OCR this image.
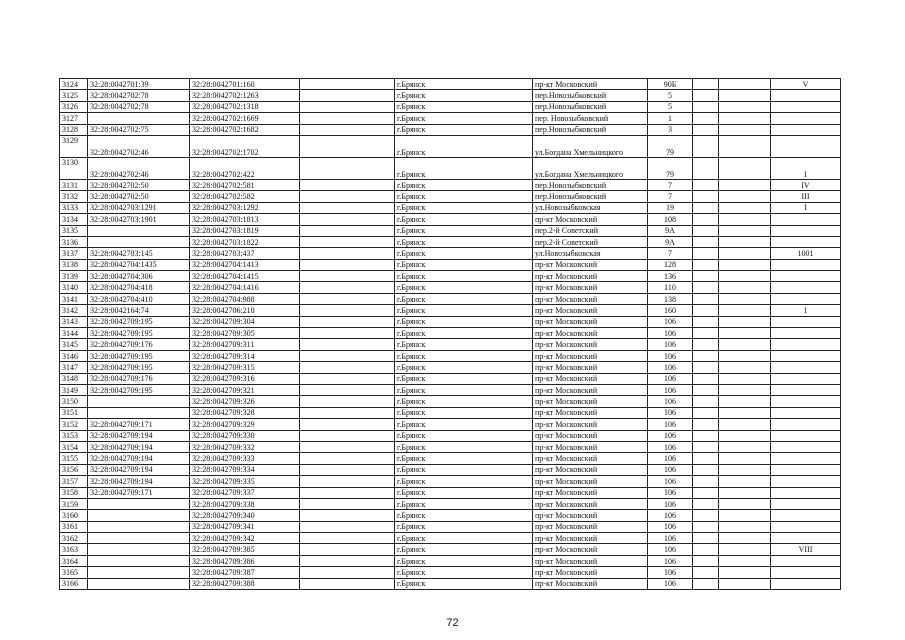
3124	32:28:0042701:39	32:28:0042701:160		г.Брянск	пр-кт Московский	90Б			V
3125	32:28:0042702:78	32:28:0042702:1263		г.Брянск	пер.Новозыбковский	5			
3126	32:28:0042702:78	32:28:0042702:1318		г.Брянск	пер.Новозыбковский	5			
3127		32:28:0042702:1669		г.Брянск	пер. Новозыбковский	1			
3128	32:28:0042702:75	32:28:0042702:1682		г.Брянск	пер.Новозыбковский	3			
3129	32:28:0042702:46	32:28:0042702:1702		г.Брянск	ул.Богдана Хмельницкого	79			
3130	32:28:0042702:46	32:28:0042702:422		г.Брянск	ул.Богдана Хмельницкого	79			I
3131	32:28:0042702:50	32:28:0042702:581		г.Брянск	пер.Новозыбковский	7			IV
3132	32:28:0042702:50	32:28:0042702:582		г.Брянск	пер.Новозыбковский	7			III
3133	32:28:0042703:1291	32:28:0042703:1292		г.Брянск	ул.Новозыбковская	19			I
3134	32:28:0042703:1901	32:28:0042703:1813		г.Брянск	пр-кт Московский	108			
3135		32:28:0042703:1819		г.Брянск	пер.2-й Советский	9А			
3136		32:28:0042703:1822		г.Брянск	пер.2-й Советский	9А			
3137	32:28:0042703:145	32:28:0042703:437		г.Брянск	ул.Новозыбковская	7			1001
3138	32:28:0042704:1435	32:28:0042704:1413		г.Брянск	пр-кт Московский	128			
3139	32:28:0042704:306	32:28:0042704:1415		г.Брянск	пр-кт Московский	136			
3140	32:28:0042704:418	32:28:0042704:1416		г.Брянск	пр-кт Московский	110			
3141	32:28:0042704:410	32:28:0042704:988		г.Брянск	пр-кт Московский	138			
3142	32:28:0042164:74	32:28:0042706:210		г.Брянск	пр-кт Московский	160			I
3143	32:28:0042709:195	32:28:0042709:304		г.Брянск	пр-кт Московский	106			
3144	32:28:0042709:195	32:28:0042709:305		г.Брянск	пр-кт Московский	106			
3145	32:28:0042709:176	32:28:0042709:311		г.Брянск	пр-кт Московский	106			
3146	32:28:0042709:195	32:28:0042709:314		г.Брянск	пр-кт Московский	106			
3147	32:28:0042709:195	32:28:0042709:315		г.Брянск	пр-кт Московский	106			
3148	32:28:0042709:176	32:28:0042709:316		г.Брянск	пр-кт Московский	106			
3149	32:28:0042709:195	32:28:0042709:321		г.Брянск	пр-кт Московский	106			
3150		32:28:0042709:326		г.Брянск	пр-кт Московский	106			
3151		32:28:0042709:328		г.Брянск	пр-кт Московский	106			
3152	32:28:0042709:171	32:28:0042709:329		г.Брянск	пр-кт Московский	106			
3153	32:28:0042709:194	32:28:0042709:330		г.Брянск	пр-кт Московский	106			
3154	32:28:0042709:194	32:28:0042709:332		г.Брянск	пр-кт Московский	106			
3155	32:28:0042709:194	32:28:0042709:333		г.Брянск	пр-кт Московский	106			
3156	32:28:0042709:194	32:28:0042709:334		г.Брянск	пр-кт Московский	106			
3157	32:28:0042709:194	32:28:0042709:335		г.Брянск	пр-кт Московский	106			
3158	32:28:0042709:171	32:28:0042709:337		г.Брянск	пр-кт Московский	106			
3159		32:28:0042709:338		г.Брянск	пр-кт Московский	106			
3160		32:28:0042709:340		г.Брянск	пр-кт Московский	106			
3161		32:28:0042709:341		г.Брянск	пр-кт Московский	106			
3162		32:28:0042709:342		г.Брянск	пр-кт Московский	106			
3163		32:28:0042709:385		г.Брянск	пр-кт Московский	106			VIII
3164		32:28:0042709:386		г.Брянск	пр-кт Московский	106			
3165		32:28:0042709:387		г.Брянск	пр-кт Московский	106			
3166		32:28:0042709:388		г.Брянск	пр-кт Московский	106			
72
